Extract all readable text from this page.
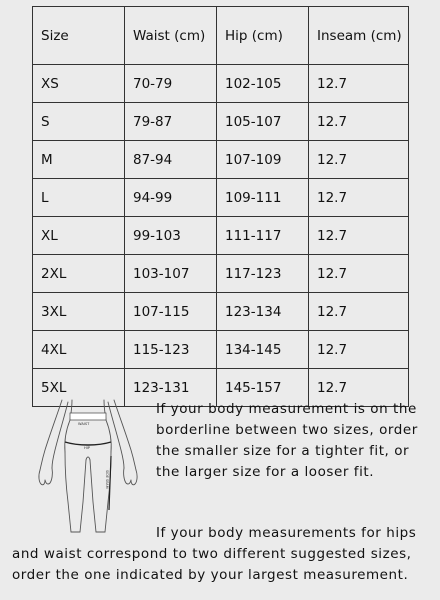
Size	Waist (cm)	Hip (cm)	Inseam (cm)
XS	70-79	102-105	12.7
S	79-87	105-107	12.7
M	87-94	107-109	12.7
L	94-99	109-111	12.7
XL	99-103	111-117	12.7
2XL	103-107	117-123	12.7
3XL	107-115	123-134	12.7
4XL	115-123	134-145	12.7
5XL	123-131	145-157	12.7
WAIST
HIP
SIDE SEAM
If your body measurement is on the borderline between two sizes, order the smaller size for a tighter fit, or the larger size for a looser fit.
If your body measurements for hips and waist correspond to two different suggested sizes, order the one indicated by your largest measurement.
